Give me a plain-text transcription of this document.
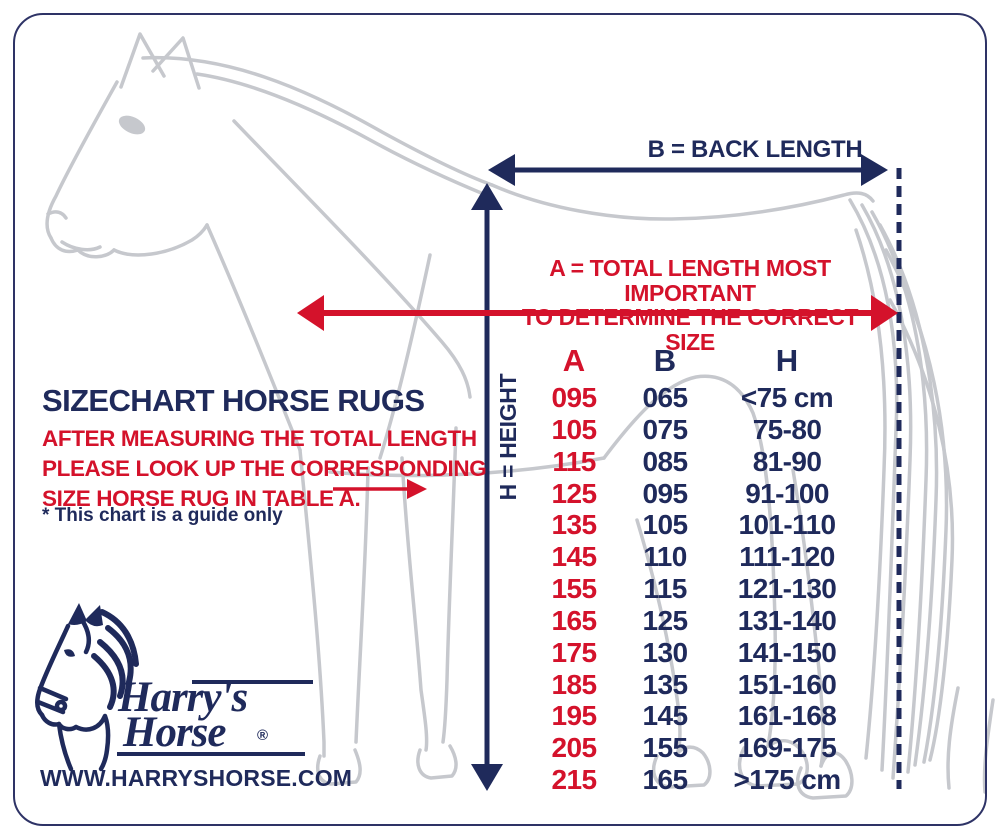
B = BACK LENGTH
A = TOTAL LENGTH MOST IMPORTANT
TO DETERMINE THE CORRECT SIZE
H = HEIGHT
SIZECHART HORSE RUGS
AFTER MEASURING THE TOTAL LENGTH
PLEASE LOOK UP THE CORRESPONDING
SIZE HORSE RUG IN TABLE A.
* This chart is a guide only
A	B	H
095	065	<75 cm
105	075	75-80
115	085	81-90
125	095	91-100
135	105	101-110
145	110	111-120
155	115	121-130
165	125	131-140
175	130	141-150
185	135	151-160
195	145	161-168
205	155	169-175
215	165	>175 cm
Harry's
Horse ®
WWW.HARRYSHORSE.COM
